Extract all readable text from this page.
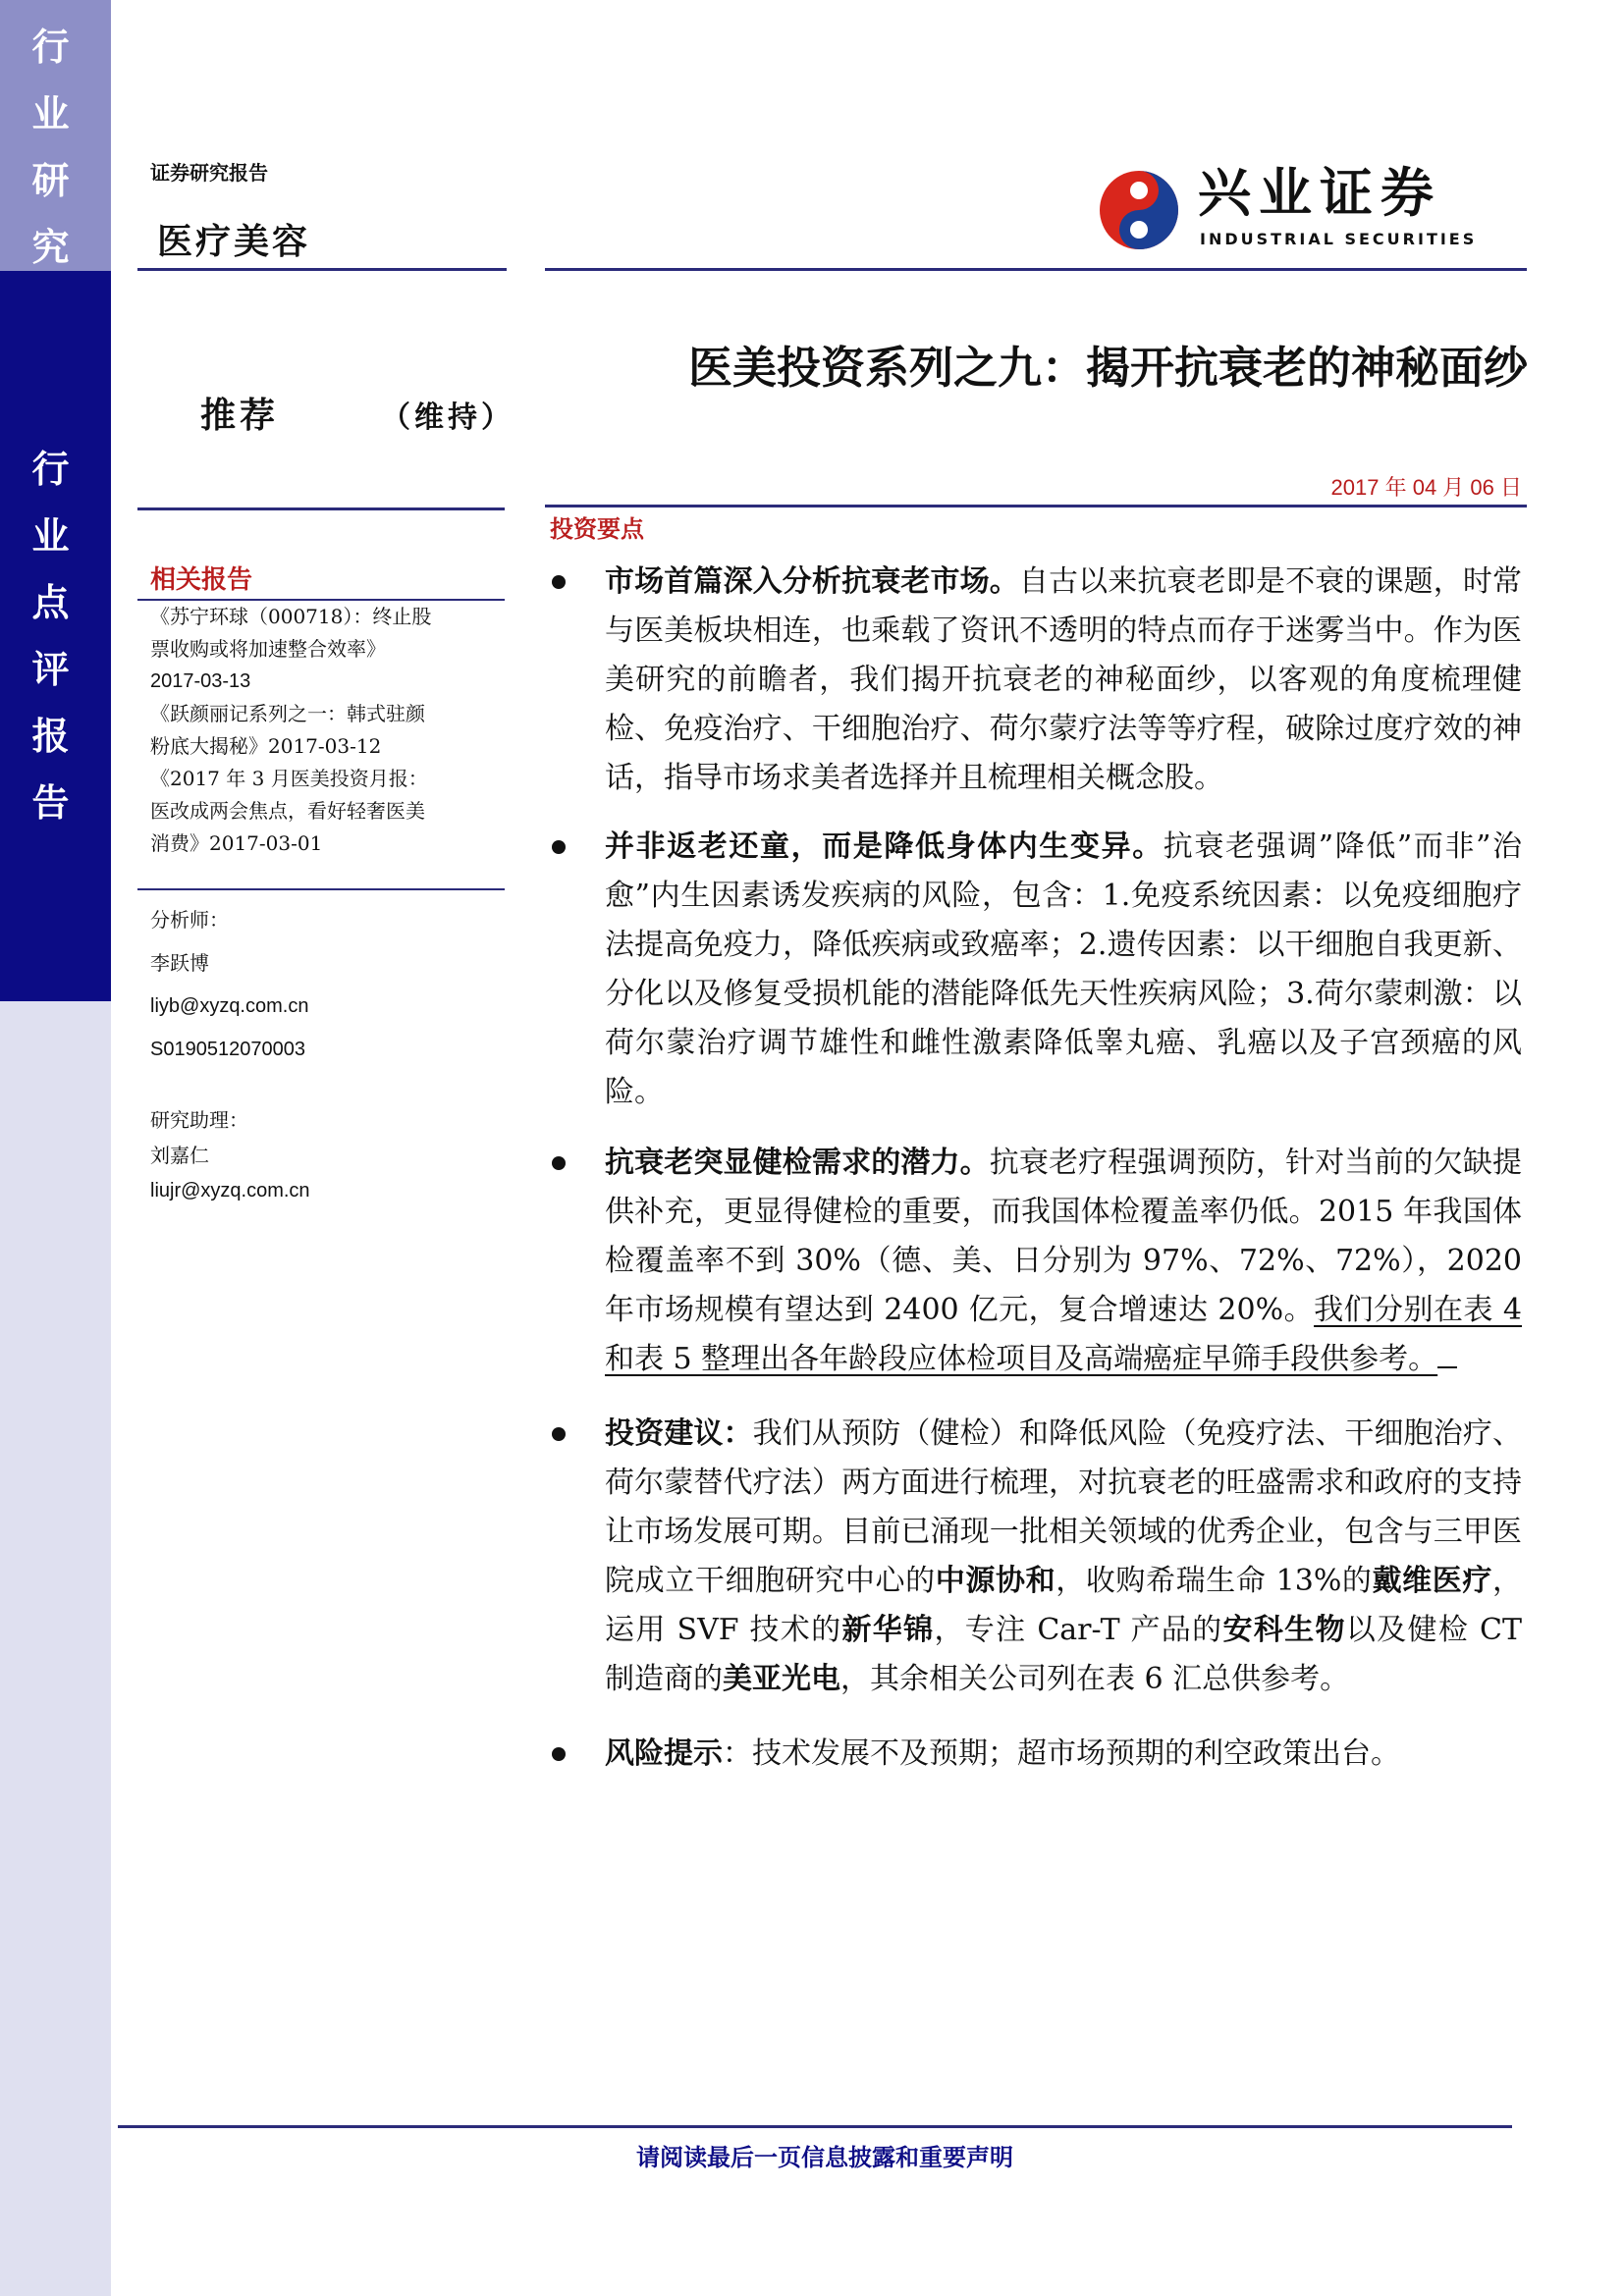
行
业
研
究
行
业
点
评
报
告
证券研究报告
医疗美容
兴业证券
INDUSTRIAL SECURITIES
医美投资系列之九：揭开抗衰老的神秘面纱
推荐	（维持）
2017 年 04 月 06 日
投资要点
相关报告
《苏宁环球（000718）：终止股
票收购或将加速整合效率》
2017-03-13
《跃颜丽记系列之一：韩式驻颜
粉底大揭秘》2017-03-12
《2017 年 3 月医美投资月报：
医改成两会焦点，看好轻奢医美
消费》2017-03-01
分析师：
李跃博
liyb@xyzq.com.cn
S0190512070003
研究助理：
刘嘉仁
liujr@xyzq.com.cn
市场首篇深入分析抗衰老市场。自古以来抗衰老即是不衰的课题，时常与医美板块相连，也乘载了资讯不透明的特点而存于迷雾当中。作为医美研究的前瞻者，我们揭开抗衰老的神秘面纱，以客观的角度梳理健检、免疫治疗、干细胞治疗、荷尔蒙疗法等等疗程，破除过度疗效的神话，指导市场求美者选择并且梳理相关概念股。
并非返老还童，而是降低身体内生变异。抗衰老强调”降低”而非”治愈”内生因素诱发疾病的风险，包含：1.免疫系统因素：以免疫细胞疗法提高免疫力，降低疾病或致癌率；2.遗传因素：以干细胞自我更新、分化以及修复受损机能的潜能降低先天性疾病风险；3.荷尔蒙刺激：以荷尔蒙治疗调节雄性和雌性激素降低睾丸癌、乳癌以及子宫颈癌的风险。
抗衰老突显健检需求的潜力。抗衰老疗程强调预防，针对当前的欠缺提供补充，更显得健检的重要，而我国体检覆盖率仍低。2015 年我国体检覆盖率不到 30%（德、美、日分别为 97%、72%、72%），2020 年市场规模有望达到 2400 亿元，复合增速达 20%。我们分别在表 4 和表 5 整理出各年龄段应体检项目及高端癌症早筛手段供参考。
投资建议：我们从预防（健检）和降低风险（免疫疗法、干细胞治疗、荷尔蒙替代疗法）两方面进行梳理，对抗衰老的旺盛需求和政府的支持让市场发展可期。目前已涌现一批相关领域的优秀企业，包含与三甲医院成立干细胞研究中心的中源协和，收购希瑞生命 13%的戴维医疗，运用 SVF 技术的新华锦，专注 Car-T 产品的安科生物以及健检 CT 制造商的美亚光电，其余相关公司列在表 6 汇总供参考。
风险提示：技术发展不及预期；超市场预期的利空政策出台。
请阅读最后一页信息披露和重要声明
